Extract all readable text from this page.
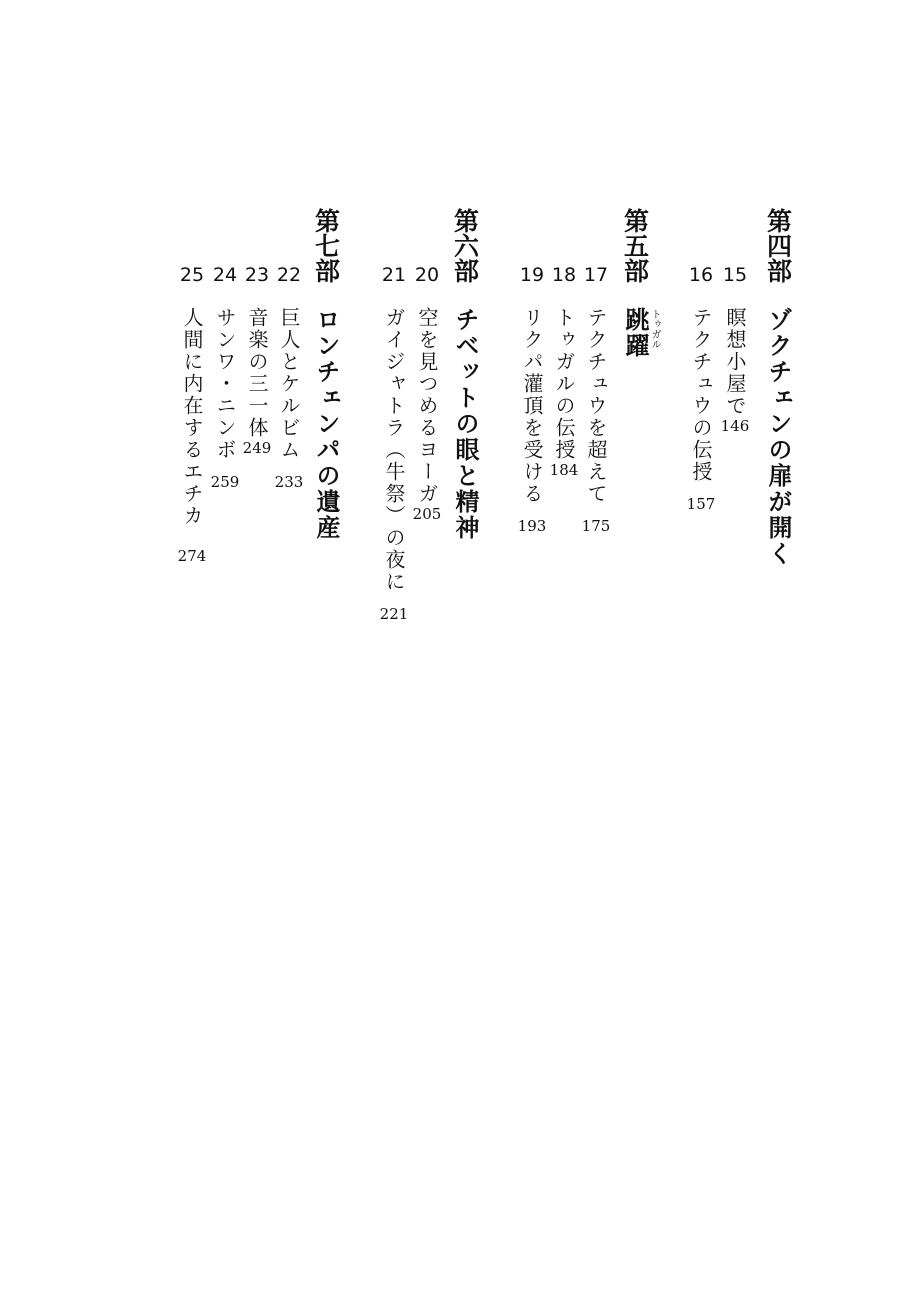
第四部
ゾクチェンの扉が開く
15
瞑想小屋で
146
16
テクチュウの伝授
157
第五部
跳躍 トゥガル
17
テクチュウを超えて
175
18
トゥガルの伝授
184
19
リクパ灌頂を受ける
193
第六部
チベットの眼と精神
20
空を見つめるヨーガ
205
21
ガイジャトラ（牛祭）の夜に
221
第七部
ロンチェンパの遺産
22
巨人とケルビム
233
23
音楽の三一体
249
24
サンワ・ニンボ
259
25
人間に内在するエチカ
274
